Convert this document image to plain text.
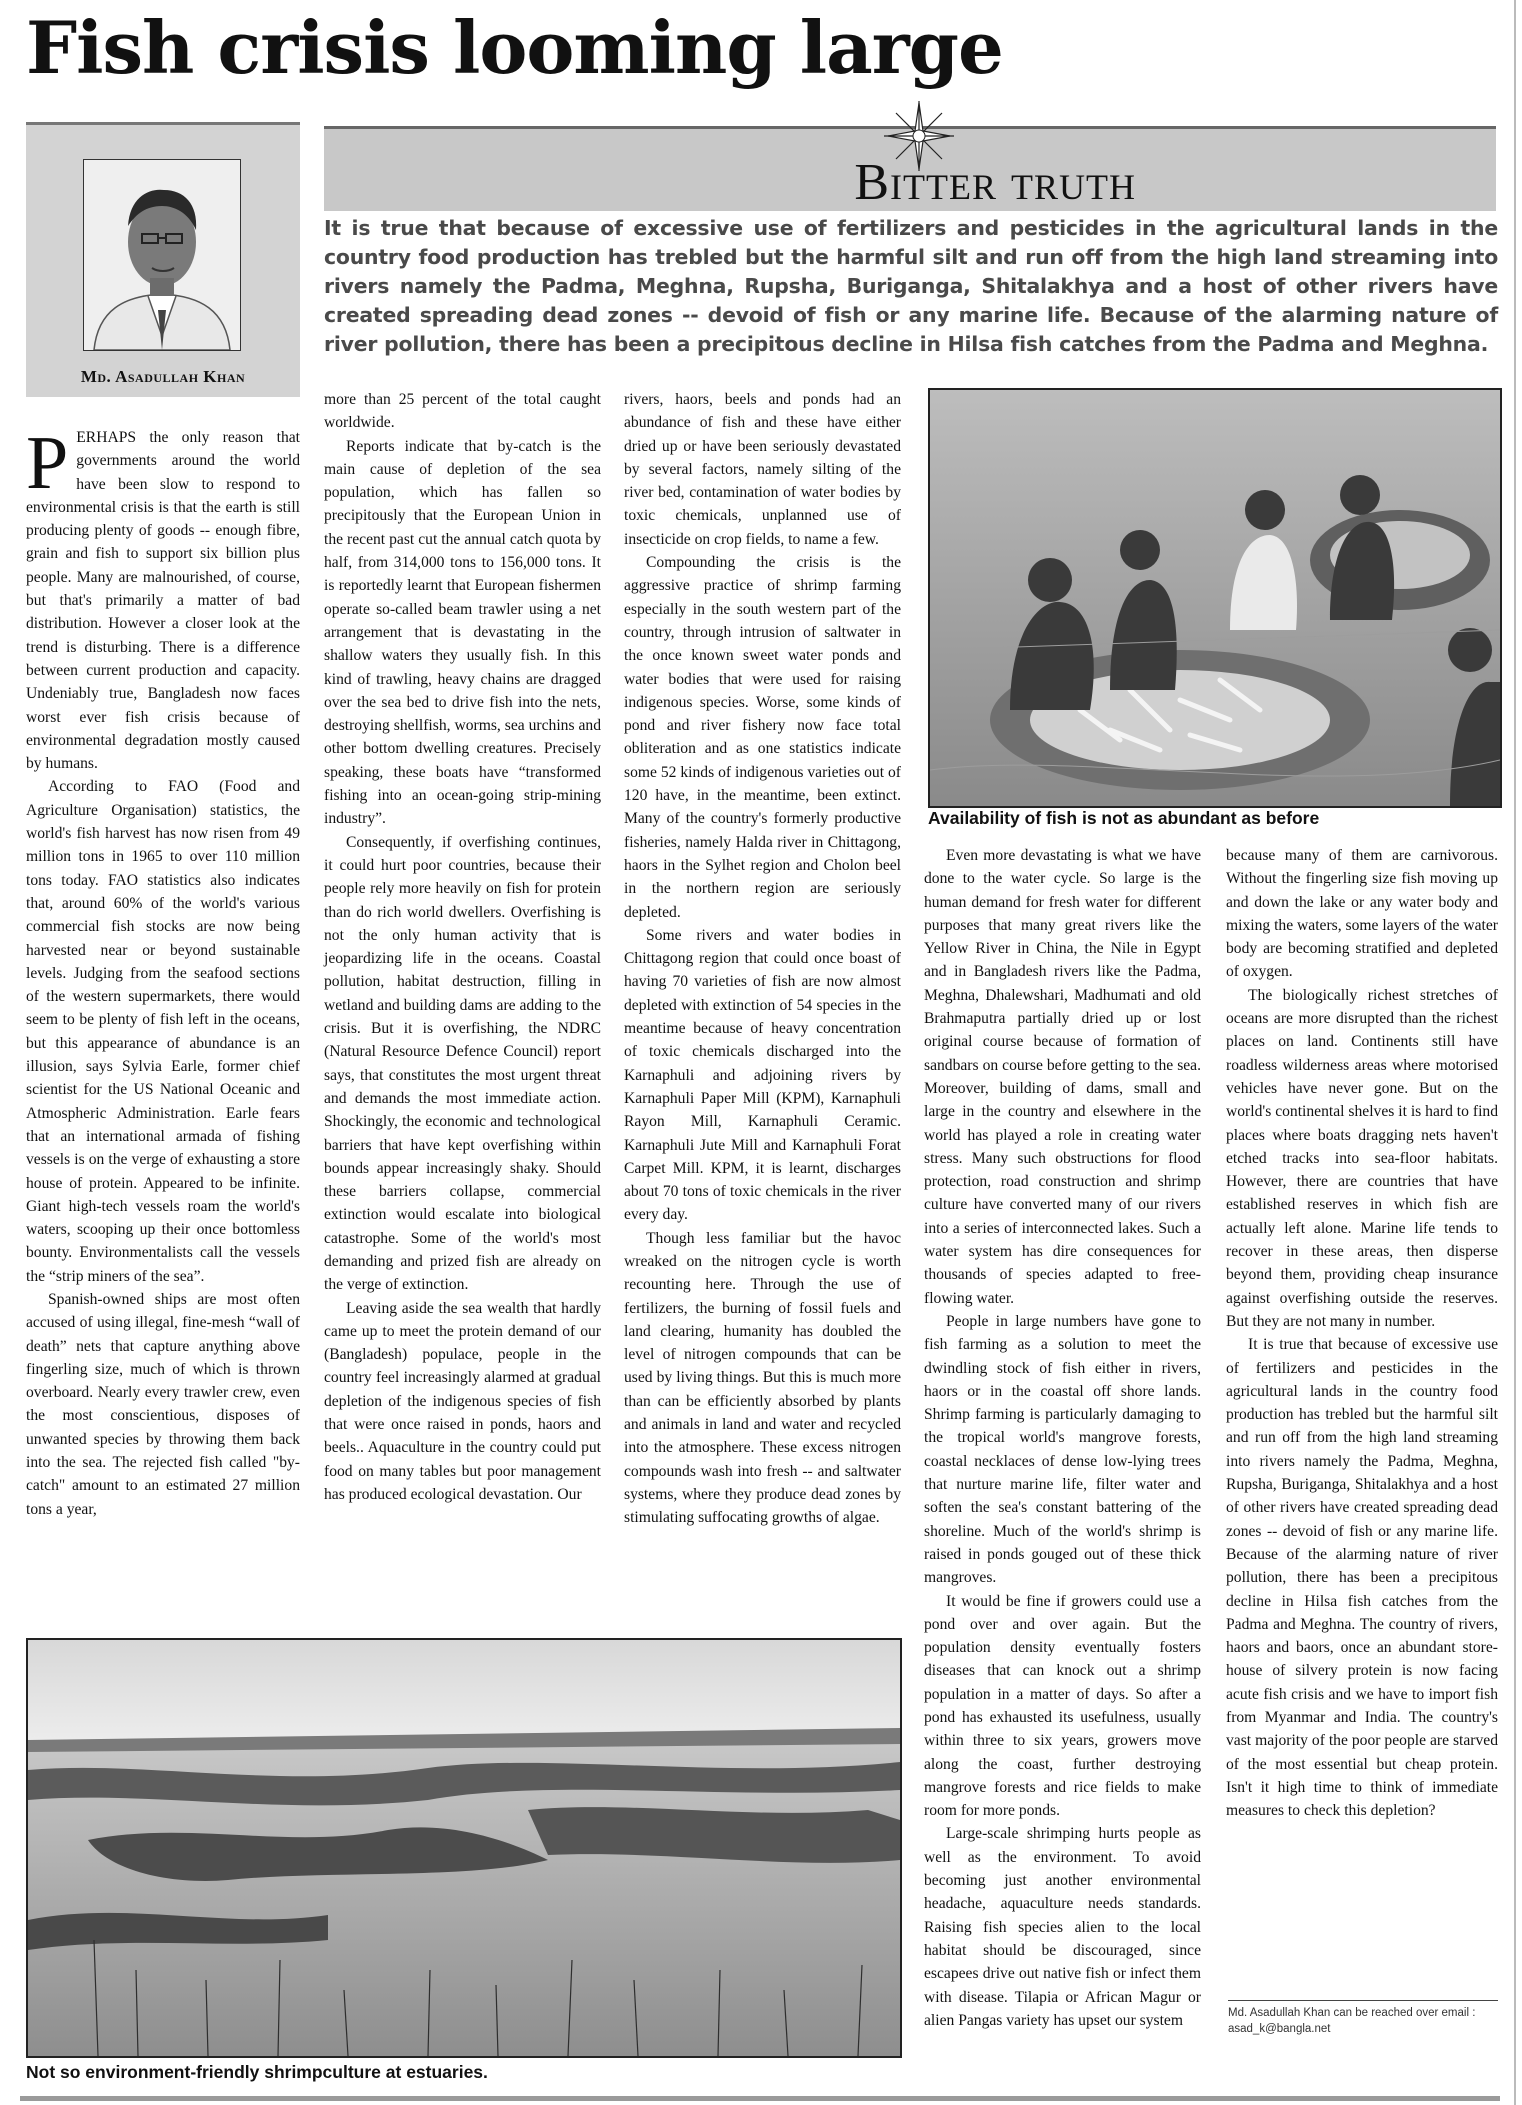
Fish crisis looming large
Md. Asadullah Khan
Bitter truth
It is true that because of excessive use of fertilizers and pesticides in the agricultural lands in the country food production has trebled but the harmful silt and run off from the high land streaming into rivers namely the Padma, Meghna, Rupsha, Buriganga, Shitalakhya and a host of other rivers have created spreading dead zones -- devoid of fish or any marine life. Because of the alarming nature of river pollution, there has been a precipitous decline in Hilsa fish catches from the Padma and Meghna.
P ERHAPS the only reason that governments around the world have been slow to respond to environmental crisis is that the earth is still producing plenty of goods -- enough fibre, grain and fish to support six billion plus people. Many are malnourished, of course, but that's primarily a matter of bad distribution. However a closer look at the trend is disturbing. There is a difference between current production and capacity. Undeniably true, Bangladesh now faces worst ever fish crisis because of environmental degradation mostly caused by humans.

According to FAO (Food and Agriculture Organisation) statistics, the world's fish harvest has now risen from 49 million tons in 1965 to over 110 million tons today. FAO statistics also indicates that, around 60% of the world's various commercial fish stocks are now being harvested near or beyond sustainable levels. Judging from the seafood sections of the western supermarkets, there would seem to be plenty of fish left in the oceans, but this appearance of abundance is an illusion, says Sylvia Earle, former chief scientist for the US National Oceanic and Atmospheric Administration. Earle fears that an international armada of fishing vessels is on the verge of exhausting a store house of protein. Appeared to be infinite. Giant high-tech vessels roam the world's waters, scooping up their once bottomless bounty. Environmentalists call the vessels the “strip miners of the sea”.

Spanish-owned ships are most often accused of using illegal, fine-mesh “wall of death” nets that capture anything above fingerling size, much of which is thrown overboard. Nearly every trawler crew, even the most conscientious, disposes of unwanted species by throwing them back into the sea. The rejected fish called "by-catch" amount to an estimated 27 million tons a year,

more than 25 percent of the total caught worldwide.

Reports indicate that by-catch is the main cause of depletion of the sea population, which has fallen so precipitously that the European Union in the recent past cut the annual catch quota by half, from 314,000 tons to 156,000 tons. It is reportedly learnt that European fishermen operate so-called beam trawler using a net arrangement that is devastating in the shallow waters they usually fish. In this kind of trawling, heavy chains are dragged over the sea bed to drive fish into the nets, destroying shellfish, worms, sea urchins and other bottom dwelling creatures. Precisely speaking, these boats have “transformed fishing into an ocean-going strip-mining industry”.

Consequently, if overfishing continues, it could hurt poor countries, because their people rely more heavily on fish for protein than do rich world dwellers. Overfishing is not the only human activity that is jeopardizing life in the oceans. Coastal pollution, habitat destruction, filling in wetland and building dams are adding to the crisis. But it is overfishing, the NDRC (Natural Resource Defence Council) report says, that constitutes the most urgent threat and demands the most immediate action. Shockingly, the economic and technological barriers that have kept overfishing within bounds appear increasingly shaky. Should these barriers collapse, commercial extinction would escalate into biological catastrophe. Some of the world's most demanding and prized fish are already on the verge of extinction.

Leaving aside the sea wealth that hardly came up to meet the protein demand of our (Bangladesh) populace, people in the country feel increasingly alarmed at gradual depletion of the indigenous species of fish that were once raised in ponds, haors and beels.. Aquaculture in the country could put food on many tables but poor management has produced ecological devastation. Our

rivers, haors, beels and ponds had an abundance of fish and these have either dried up or have been seriously devastated by several factors, namely silting of the river bed, contamination of water bodies by toxic chemicals, unplanned use of insecticide on crop fields, to name a few.

Compounding the crisis is the aggressive practice of shrimp farming especially in the south western part of the country, through intrusion of saltwater in the once known sweet water ponds and water bodies that were used for raising indigenous species. Worse, some kinds of pond and river fishery now face total obliteration and as one statistics indicate some 52 kinds of indigenous varieties out of 120 have, in the meantime, been extinct. Many of the country's formerly productive fisheries, namely Halda river in Chittagong, haors in the Sylhet region and Cholon beel in the northern region are seriously depleted.

Some rivers and water bodies in Chittagong region that could once boast of having 70 varieties of fish are now almost depleted with extinction of 54 species in the meantime because of heavy concentration of toxic chemicals discharged into the Karnaphuli and adjoining rivers by Karnaphuli Paper Mill (KPM), Karnaphuli Rayon Mill, Karnaphuli Ceramic. Karnaphuli Jute Mill and Karnaphuli Forat Carpet Mill. KPM, it is learnt, discharges about 70 tons of toxic chemicals in the river every day.

Though less familiar but the havoc wreaked on the nitrogen cycle is worth recounting here. Through the use of fertilizers, the burning of fossil fuels and land clearing, humanity has doubled the level of nitrogen compounds that can be used by living things. But this is much more than can be efficiently absorbed by plants and animals in land and water and recycled into the atmosphere. These excess nitrogen compounds wash into fresh -- and saltwater systems, where they produce dead zones by stimulating suffocating growths of algae.

Availability of fish is not as abundant as before

Even more devastating is what we have done to the water cycle. So large is the human demand for fresh water for different purposes that many great rivers like the Yellow River in China, the Nile in Egypt and in Bangladesh rivers like the Padma, Meghna, Dhalewshari, Madhumati and old Brahmaputra partially dried up or lost original course because of formation of sandbars on course before getting to the sea. Moreover, building of dams, small and large in the country and elsewhere in the world has played a role in creating water stress. Many such obstructions for flood protection, road construction and shrimp culture have converted many of our rivers into a series of interconnected lakes. Such a water system has dire consequences for thousands of species adapted to free-flowing water.

People in large numbers have gone to fish farming as a solution to meet the dwindling stock of fish either in rivers, haors or in the coastal off shore lands. Shrimp farming is particularly damaging to the tropical world's mangrove forests, coastal necklaces of dense low-lying trees that nurture marine life, filter water and soften the sea's constant battering of the shoreline. Much of the world's shrimp is raised in ponds gouged out of these thick mangroves.

It would be fine if growers could use a pond over and over again. But the population density eventually fosters diseases that can knock out a shrimp population in a matter of days. So after a pond has exhausted its usefulness, usually within three to six years, growers move along the coast, further destroying mangrove forests and rice fields to make room for more ponds.

Large-scale shrimping hurts people as well as the environment. To avoid becoming just another environmental headache, aquaculture needs standards. Raising fish species alien to the local habitat should be discouraged, since escapees drive out native fish or infect them with disease. Tilapia or African Magur or alien Pangas variety has upset our system

because many of them are carnivorous. Without the fingerling size fish moving up and down the lake or any water body and mixing the waters, some layers of the water body are becoming stratified and depleted of oxygen.

The biologically richest stretches of oceans are more disrupted than the richest places on land. Continents still have roadless wilderness areas where motorised vehicles have never gone. But on the world's continental shelves it is hard to find places where boats dragging nets haven't etched tracks into sea-floor habitats. However, there are countries that have established reserves in which fish are actually left alone. Marine life tends to recover in these areas, then disperse beyond them, providing cheap insurance against overfishing outside the reserves. But they are not many in number.

It is true that because of excessive use of fertilizers and pesticides in the agricultural lands in the country food production has trebled but the harmful silt and run off from the high land streaming into rivers namely the Padma, Meghna, Rupsha, Buriganga, Shitalakhya and a host of other rivers have created spreading dead zones -- devoid of fish or any marine life. Because of the alarming nature of river pollution, there has been a precipitous decline in Hilsa fish catches from the Padma and Meghna. The country of rivers, haors and baors, once an abundant store-house of silvery protein is now facing acute fish crisis and we have to import fish from Myanmar and India. The country's vast majority of the poor people are starved of the most essential but cheap protein. Isn't it high time to think of immediate measures to check this depletion?

Md. Asadullah Khan can be reached over email : asad_k@bangla.net
Not so environment-friendly shrimpculture at estuaries.
